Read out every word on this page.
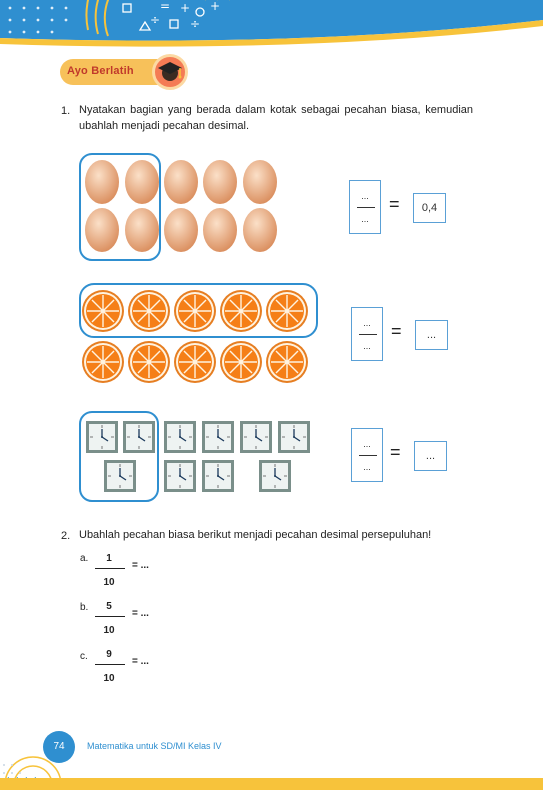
+ +
÷ ÷
=
Ayo Berlatih
1. Nyatakan bagian yang berada dalam kotak sebagai pecahan biasa, kemudian ubahlah menjadi pecahan desimal.

...
...
=	0,4
...
...
=	...
...
...
=	...
2. Ubahlah pecahan biasa berikut menjadi pecahan desimal persepuluhan!

a.	1
10
= ...
b.	5
10
= ...
c.	9
10
= ...
74	Matematika untuk SD/MI Kelas IV
